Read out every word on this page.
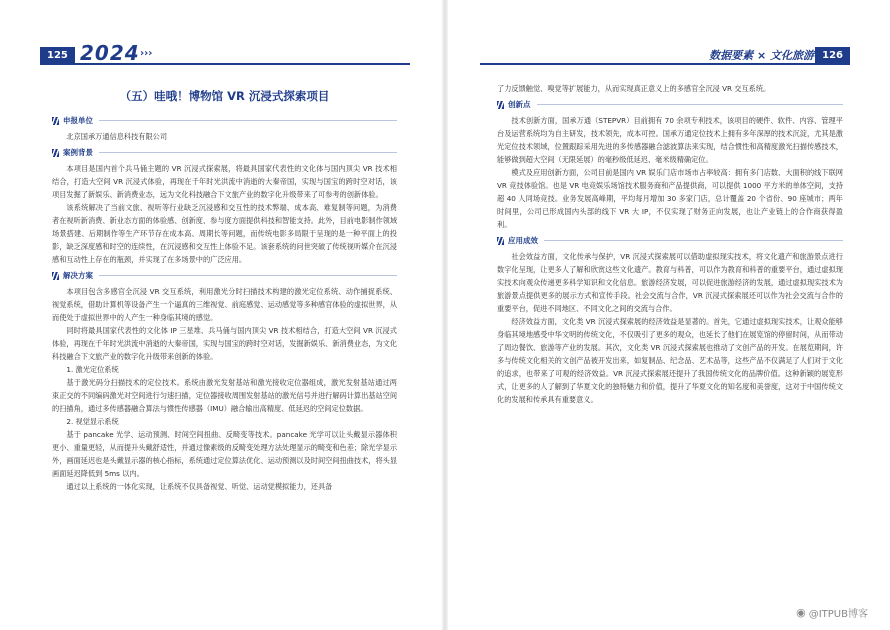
125 2024 ›››
（五）哇哦！博物馆 VR 沉浸式探索项目
申报单位

北京国承万通信息科技有限公司

案例背景

本项目是国内首个兵马俑主题的 VR 沉浸式探索展，将最具国家代表性的文化体与国内顶尖 VR 技术相结合，打造大空间 VR 沉浸式体验，再现在千年时光洪流中消逝的大秦帝国，实现与国宝的跨时空对话，该项目发掘了新娱乐、新消费业态，远为文化科技融合下文旅产业的数字化升级带来了可参考的创新体验。

该系统解决了当前文旅、视听等行业缺乏沉浸感和交互性的技术弊端、成本高、难复制等问题，为消费者在视听新消费、新业态方面的体验感、创新度、参与度方面提供科技和智能支持。此外，目前电影制作领域场景搭建、后期制作等生产环节存在成本高、周期长等问题，而传统电影多局限于呈现的是一种平面上的投影，缺乏深度感和时空的连续性，在沉浸感和交互性上体验不足。该套系统的问世突破了传统视听媒介在沉浸感和互动性上存在的瓶颈，并实现了在多场景中的广泛应用。

解决方案

本项目包含多感官全沉浸 VR 交互系统，利用激光分时扫描技术构建的激光定位系统、动作捕捉系统、视觉系统，借助计算机等设备产生一个逼真的三维视觉、前庭感觉、运动感觉等多种感官体验的虚拟世界，从而使处于虚拟世界中的人产生一种身临其境的感觉。

同时将最具国家代表性的文化体 IP 三星堆、兵马俑与国内顶尖 VR 技术相结合，打造大空间 VR 沉浸式体验，再现在千年时光洪流中消逝的大秦帝国，实现与国宝的跨时空对话，发掘新娱乐、新消费业态，为文化科技融合下文旅产业的数字化升级带来创新的体验。

1. 激光定位系统

基于激光码分扫描技术的定位技术。系统由激光发射基站和激光接收定位器组成，激光发射基站通过两束正交的不同编码激光对空间进行匀速扫描，定位器接收周围发射基站的激光信号并进行解码计算出基站空间的扫描角，通过多传感器融合算法与惯性传感器（IMU）融合输出高精度、低延迟的空间定位数据。

2. 视觉显示系统

基于 pancake 光学、运动预测、时间空间扭曲、反畸变等技术。pancake 光学可以让头戴显示器体积更小、重量更轻，从而提升头戴舒适性，并通过像素级的反畸变处理方法处理显示的畸变和色差；除光学显示外，画面延迟也是头戴显示器的核心指标，系统通过定位算法优化、运动预测以及时间空间扭曲技术，将头显画面延迟降低到 5ms 以内。

通过以上系统的一体化实现，让系统不仅具备视觉、听觉、运动觉模拟能力，还具备

数据要素 × 文化旅游 126

了力反馈触觉、嗅觉等扩展能力，从而实现真正意义上的多感官全沉浸 VR 交互系统。

创新点

技术创新方面，国承万通（STEPVR）目前拥有 70 余项专利技术，该项目的硬件、软件、内容、管理平台及运营系统均为自主研发，技术领先，成本可控。国承万通定位技术上拥有多年深厚的技术沉淀，尤其是激光定位技术领域，位置跟踪采用先进的多传感器融合滤波算法来实现，结合惯性和高精度激光扫描传感技术，能够做到超大空间（无限延展）的毫秒级低延迟、毫米级精确定位。

模式及应用创新方面，公司目前是国内 VR 娱乐门店市场市占率较高：拥有多门店数、大面积的线下联网 VR 竞技体验馆。也是 VR 电竞娱乐场馆技术服务商和产品提供商，可以提供 1000 平方米的单体空间，支持超 40 人同场竞技。业务发展高峰期，平均每月增加 30 多家门店，总计覆盖 20 个省份、90 座城市；两年时间里，公司已形成国内头部的线下 VR 大 IP，不仅实现了财务正向发展，也让产业链上的合作商获得盈利。

应用成效

社会效益方面，文化传承与保护，VR 沉浸式探索展可以借助虚拟现实技术，将文化遗产和旅游景点进行数字化呈现，让更多人了解和欣赏这些文化遗产。教育与科普，可以作为教育和科普的重要平台，通过虚拟现实技术向观众传递更多科学知识和文化信息。旅游经济发展，可以促进旅游经济的发展，通过虚拟现实技术为旅游景点提供更多的展示方式和宣传手段。社会交流与合作，VR 沉浸式探索展还可以作为社会交流与合作的重要平台，促进不同地区、不同文化之间的交流与合作。

经济效益方面，文化类 VR 沉浸式探索展的经济效益是显著的。首先，它通过虚拟现实技术，让观众能够身临其境地感受中华文明的传统文化，不仅吸引了更多的观众，也延长了他们在展览馆的停留时间，从而带动了周边餐饮、旅游等产业的发展。其次，文化类 VR 沉浸式探索展也推动了文创产品的开发。在展览期间，许多与传统文化相关的文创产品被开发出来，如复制品、纪念品、艺术品等，这些产品不仅满足了人们对于文化的追求，也带来了可观的经济效益。VR 沉浸式探索展还提升了我国传统文化的品牌价值。这种新颖的展览形式，让更多的人了解到了华夏文化的独特魅力和价值，提升了华夏文化的知名度和美誉度，这对于中国传统文化的发展和传承具有重要意义。

◉ @ITPUB博客
